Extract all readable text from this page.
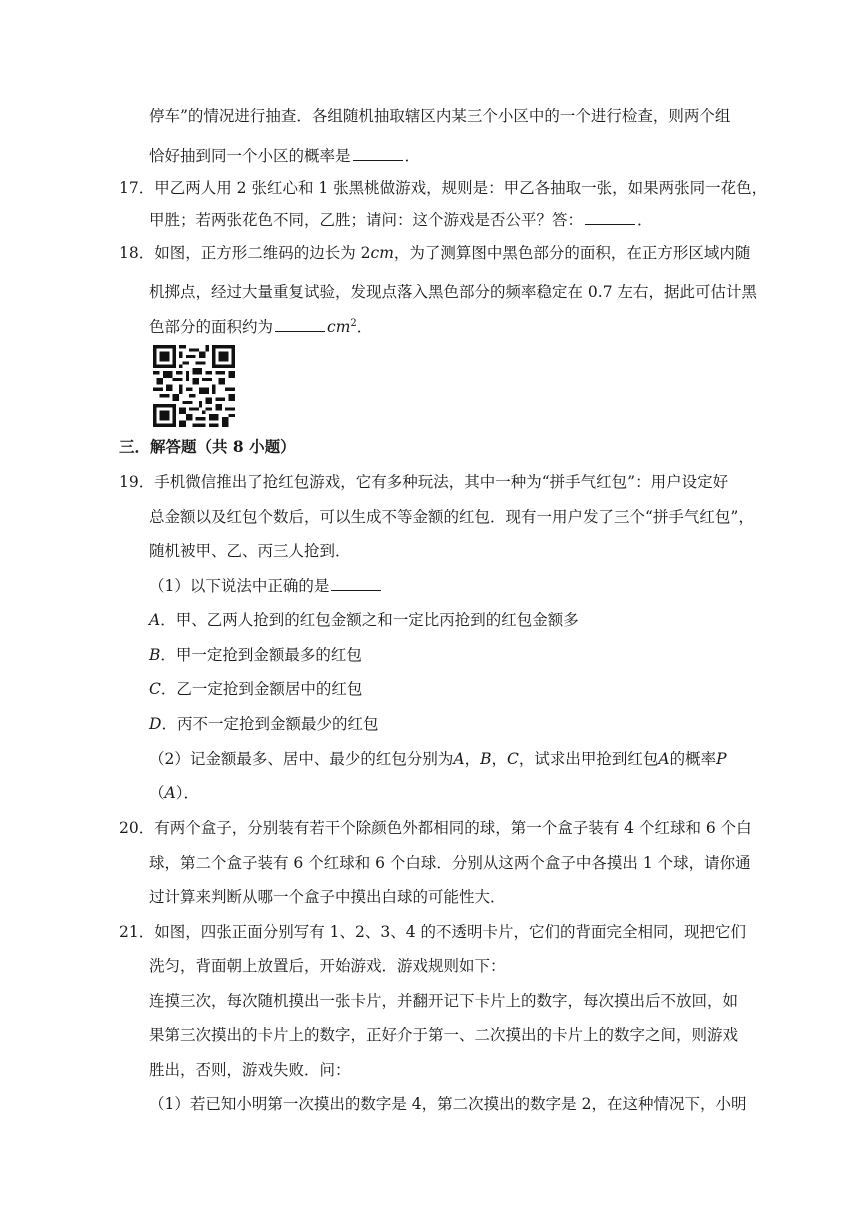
停车”的情况进行抽查．各组随机抽取辖区内某三个小区中的一个进行检查，则两个组
恰好抽到同一个小区的概率是	．
17．甲乙两人用 2 张红心和 1 张黑桃做游戏，规则是：甲乙各抽取一张，如果两张同一花色，
甲胜；若两张花色不同，乙胜；请问：这个游戏是否公平？答：	．
18．如图，正方形二维码的边长为 2cm，为了测算图中黑色部分的面积，在正方形区域内随
机掷点，经过大量重复试验，发现点落入黑色部分的频率稳定在 0.7 左右，据此可估计黑
色部分的面积约为	$cm^2$．
三．解答题（共 8 小题）
19．手机微信推出了抢红包游戏，它有多种玩法，其中一种为“拼手气红包”：用户设定好
总金额以及红包个数后，可以生成不等金额的红包．现有一用户发了三个“拼手气红包”，
随机被甲、乙、丙三人抢到．
（1）以下说法中正确的是
A．甲、乙两人抢到的红包金额之和一定比丙抢到的红包金额多
B．甲一定抢到金额最多的红包
C．乙一定抢到金额居中的红包
D．丙不一定抢到金额最少的红包
（2）记金额最多、居中、最少的红包分别为A，B，C，试求出甲抢到红包A的概率P
（A）．
20．有两个盒子，分别装有若干个除颜色外都相同的球，第一个盒子装有 4 个红球和 6 个白
球，第二个盒子装有 6 个红球和 6 个白球．分别从这两个盒子中各摸出 1 个球，请你通
过计算来判断从哪一个盒子中摸出白球的可能性大．
21．如图，四张正面分别写有 1、2、3、4 的不透明卡片，它们的背面完全相同，现把它们
洗匀，背面朝上放置后，开始游戏．游戏规则如下：
连摸三次，每次随机摸出一张卡片，并翻开记下卡片上的数字，每次摸出后不放回，如
果第三次摸出的卡片上的数字，正好介于第一、二次摸出的卡片上的数字之间，则游戏
胜出，否则，游戏失败．问：
（1）若已知小明第一次摸出的数字是 4，第二次摸出的数字是 2，在这种情况下，小明
